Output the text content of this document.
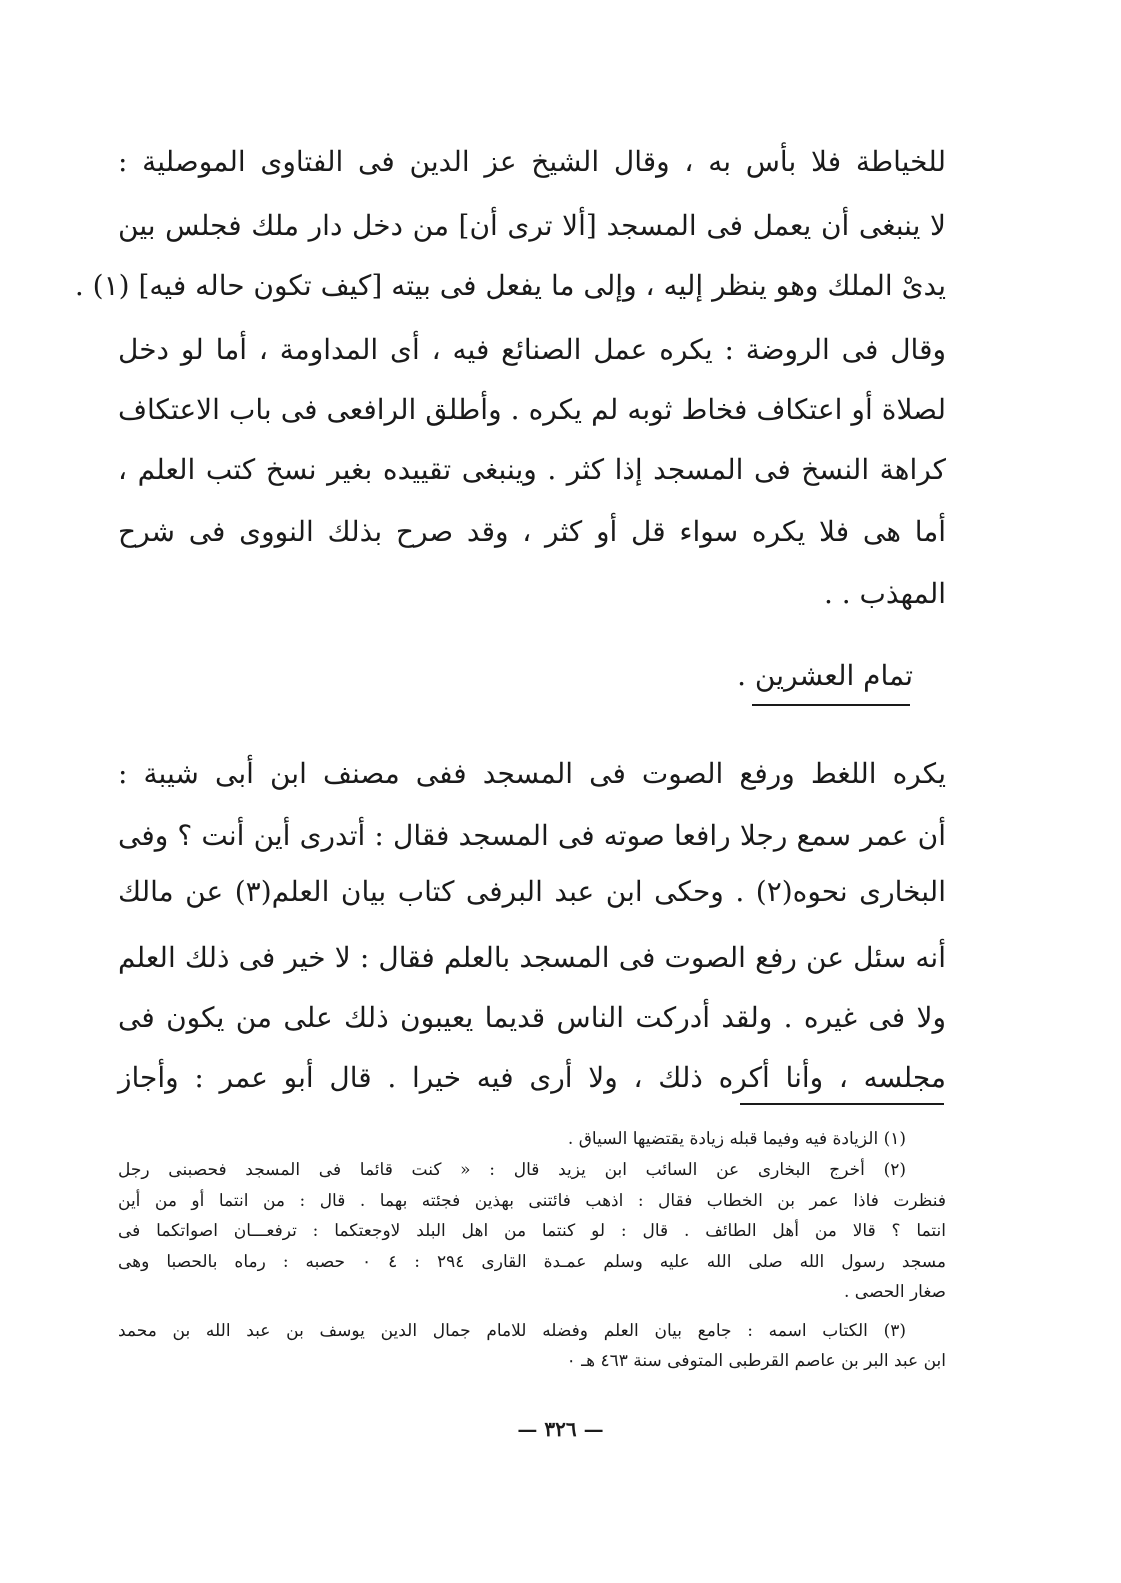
للخياطة فلا بأس به ، وقال الشيخ عز الدين فى الفتاوى الموصلية :
لا ينبغى أن يعمل فى المسجد [ألا ترى أن] من دخل دار ملك فجلس بين
يدىْ الملك وهو ينظر إليه ، وإلى ما يفعل فى بيته [كيف تكون حاله فيه] (١) .
وقال فى الروضة : يكره عمل الصنائع فيه ، أى المداومة ، أما لو دخل
لصلاة أو اعتكاف فخاط ثوبه لم يكره . وأطلق الرافعى فى باب الاعتكاف
كراهة النسخ فى المسجد إذا كثر . وينبغى تقييده بغير نسخ كتب العلم ،
أما هى فلا يكره سواء قل أو كثر ، وقد صرح بذلك النووى فى شرح
المهذب . .
تمام العشرين .
يكره اللغط ورفع الصوت فى المسجد ففى مصنف ابن أبى شيبة :
أن عمر سمع رجلا رافعا صوته فى المسجد فقال : أتدرى أين أنت ؟ وفى
البخارى نحوه(٢) . وحكى ابن عبد البرفى كتاب بيان العلم(٣) عن مالك
أنه سئل عن رفع الصوت فى المسجد بالعلم فقال : لا خير فى ذلك العلم
ولا فى غيره . ولقد أدركت الناس قديما يعيبون ذلك على من يكون فى
مجلسه ، وأنا أكره ذلك ، ولا أرى فيه خيرا . قال أبو عمر : وأجاز
(١) الزيادة فيه وفيما قبله زيادة يقتضيها السياق .
(٢) أخرج البخارى عن السائب ابن يزيد قال : « كنت قائما فى المسجد فحصبنى رجل
فنظرت فاذا عمر بن الخطاب فقال : اذهب فائتنى بهذين فجئته بهما . قال : من انتما أو من أين
انتما ؟ قالا من أهل الطائف . قال : لو كنتما من اهل البلد لاوجعتكما : ترفعـــان اصواتكما فى
مسجد رسول الله صلى الله عليه وسلم عمـدة القارى ٢٩٤ : ٤ ٠ حصبه : رماه بالحصبا وهى
صغار الحصى .
(٣) الكتاب اسمه : جامع بيان العلم وفضله للامام جمال الدين يوسف بن عبد الله بن محمد
ابن عبد البر بن عاصم القرطبى المتوفى سنة ٤٦٣ هـ ٠
— ٣٢٦ —
